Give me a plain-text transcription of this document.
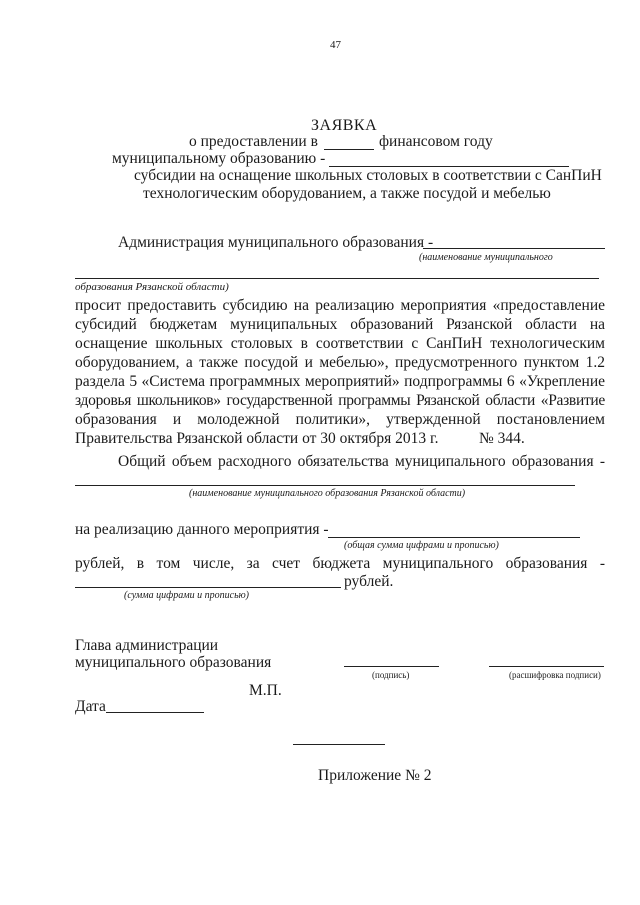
47
ЗАЯВКА
о предоставлении в	финансовом году
муниципальному образованию -
субсидии на оснащение школьных столовых в соответствии с СанПиН
технологическим оборудованием, а также посудой и мебелью
Администрация муниципального образования -
(наименование муниципального
образования Рязанской области)
просит предоставить субсидию на реализацию мероприятия «предоставление
субсидий бюджетам муниципальных образований Рязанской области на
оснащение школьных столовых в соответствии с СанПиН технологическим
оборудованием, а также посудой и мебелью», предусмотренного пунктом 1.2
раздела 5 «Система программных мероприятий» подпрограммы 6 «Укрепление
здоровья школьников» государственной программы Рязанской области «Развитие
образования и молодежной политики», утвержденной постановлением
Правительства Рязанской области от 30 октября 2013 г.	№ 344.
Общий объем расходного обязательства муниципального образования -
(наименование муниципального образования Рязанской области)
на реализацию данного мероприятия -
(общая сумма цифрами и прописью)
рублей, в том числе, за счет бюджета муниципального образования -
рублей.
(сумма цифрами и прописью)
Глава администрации
муниципального образования
(подпись)	(расшифровка подписи)
М.П.
Дата
Приложение № 2
